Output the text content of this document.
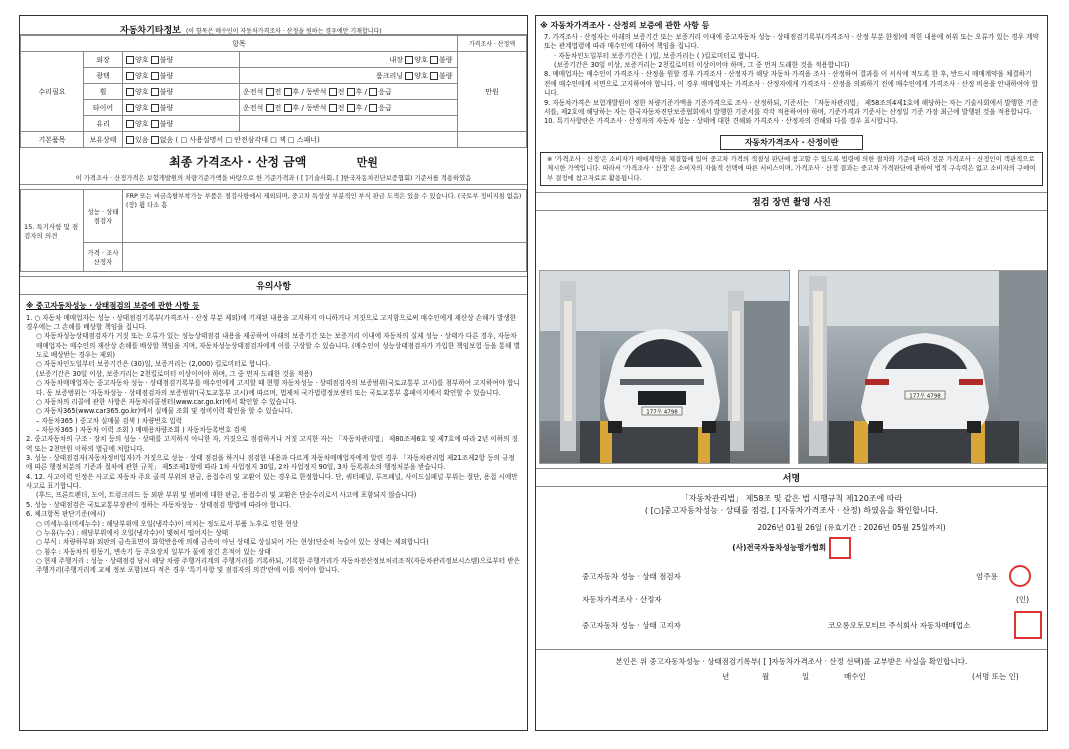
자동차기타정보 (이 항목은 매수인이 자동차가격조사 · 산정을 원하는 경우에만 기재합니다)
항목				가격조사 · 산정액
수리필요	외장	양호 불량	내장 양호 불량	만원
	광택	양호 불량	룸크리닝 양호 불량	
	휠	양호 불량	운전석 전 후 / 동반석 전 후 / 응급	
	타이어	양호 불량	운전석 전 후 / 동반석 전 후 / 응급	
	유리	양호 불량		
기본품목	보유상태	있음 없음 ( □ 사용설명서 □ 안전삼각대 □ 잭 □ 스패너)		
최종 가격조사 · 산정 금액	만원
이 가격조사 · 산정가격은 보험개발원의 차량기준가액을 바탕으로 한 기준가격과 ( [ ]기술사회, [ ]한국자동차진단보증협회) 기준서를 적용하였음
15. 특기사항 및 점검자의 의견	성능 · 상태 점검자	FRP 또는 비금속탈부착가능 부품은 점검사항에서 제외되며, 중고차 특성상 부분적인 부식 판금 도색은 있을 수 있습니다. (국토부 정비지침 없음) (장) 휠 다소 흠
	가격 · 조사 산정자	
유의사항
※ 중고자동차성능 · 상태점검의 보증에 관한 사항 등

1. ○ 자동차 매매업자는 성능 · 상태점검기록부(가격조사 · 산정 부분 제외)에 기재된 내용을 고지하지 아니하거나 거짓으로 고지함으로써 매수인에게 재산상 손해가 발생한 경우에는 그 손해를 배상할 책임을 집니다.

○ 자동차성능상태점검자가 거짓 또는 오류가 있는 성능상태점검 내용을 제공하여 아래의 보증기간 또는 보증거리 이내에 자동차의 실제 성능 · 상태가 다른 경우, 자동차매매업자는 매수인의 재산상 손해를 배상할 책임을 지며, 자동차성능상태점검자에게 이를 구상할 수 있습니다. (매수인이 성능상태점검자가 가입한 책임보험 등을 통해 별도로 배상받는 경우는 제외)

○ 자동차인도일부터 보증기간은 (30)일, 보증거리는 (2,000) 킬로미터로 합니다.

(보증기간은 30일 이상, 보증거리는 2천킬로미터 이상이어야 하며, 그 중 먼저 도래한 것을 적용)

○ 자동차매매업자는 중고자동차 성능 · 상태점검기록부를 매수인에게 고지할 때 현행 자동차성능 · 상태점검자의 보증범위(국토교통부 고시)를 첨부하여 고지하여야 합니다. 동 보증범위는 '자동차성능 · 상태점검자의 보증범위'(국토교통부 고시)에 따르며, 법제처 국가법령정보센터 또는 국토교통부 홈페이지에서 확인할 수 있습니다.

○ 자동차의 리콜에 관한 사항은 자동차리콜센터(www.car.go.kr)에서 확인할 수 있습니다.

○ 자동차365(www.car365.go.kr)에서 실매물 조회 및 정비이력 확인을 할 수 있습니다.

– 자동차365 ) 중고차 실매물 검색 ) 차량번호 입력

– 자동차365 ) 자동차 이력 조회 ) 매매용차량조회 ) 자동차등록번호 검색

2. 중고자동차의 구조 · 장치 등의 성능 · 상태를 고지하지 아니한 자, 거짓으로 점검하거나 거짓 고지한 자는 「자동차관리법」 제80조제6호 및 제7호에 따라 2년 이하의 징역 또는 2천만원 이하의 벌금에 처합니다.

3. 성능 · 상태점검자(자동차정비업자)가 거짓으로 성능 · 상태 점검을 하거나 점검한 내용과 다르게 자동차매매업자에게 알린 경우 「자동차관리법 제21조제2항 등의 규정에 따른 행정처분의 기준과 절차에 관한 규칙」 제5조제1항에 따라 1차 사업정지 30일, 2차 사업정지 90일, 3차 등록취소의 행정처분을 받습니다.

4. 12. 사고이력 인정은 사고로 자동차 주요 골격 부위의 판금, 용접수리 및 교환이 있는 경우로 한정합니다. 단, 쿼터패널, 루프패널, 사이드실패널 부위는 절단, 용접 시에만 사고로 표기합니다.

(후드, 프론트펜더, 도어, 트렁크리드 등 외판 부위 및 범퍼에 대한 판금, 용접수리 및 교환은 단순수리로서 사고에 포함되지 않습니다)

5. 성능 · 상태점검은 국토교통부장관이 정하는 자동차성능 · 상태점검 방법에 따라야 합니다.

6. 체크항목 판단기준(예시)

○ 미세누유(미세누수) : 해당부위에 오일(냉각수)이 비치는 정도로서 부품 노후로 인한 현상

○ 누유(누수) : 해당부위에서 오일(냉각수)이 맺혀서 떨어지는 상태

○ 부식 : 차량하부와 외판의 금속표면이 화학반응에 의해 금속이 아닌 상태로 상실되어 가는 현상(단순히 녹슬어 있는 상태는 제외합니다)

○ 침수 : 자동차의 원동기, 변속기 등 주요장치 일부가 물에 잠긴 흔적이 있는 상태

○ 현재 주행거리 : 성능 · 상태점검 당시 해당 차량 주행거리계의 주행거리를 기록하되, 기록한 주행거리가 자동차전산정보처리조직(자동차관리정보시스템)으로부터 받은 주행거리(주행거리계 교체 정보 포함)보다 적은 경우 '특기사항 및 점검자의 의견'란에 이를 적어야 합니다.

※ 자동차가격조사 · 산정의 보증에 관한 사항 등

7. 가격조사 · 산정자는 아래의 보증기간 또는 보증거리 이내에 중고자동차 성능 · 상태점검기록부(가격조사 · 산정 부분 한정)에 적힌 내용에 허위 또는 오류가 있는 경우 계약 또는 관계법령에 따라 매수인에 대하여 책임을 집니다.

· 자동차인도일부터 보증기간은 ( )일, 보증거리는 ( )킬로미터로 합니다.

(보증기간은 30일 이상, 보증거리는 2천킬로미터 이상이어야 하며, 그 중 먼저 도래한 것을 적용합니다)

8. 매매업자는 매수인이 가격조사 · 산정을 원할 경우 가격조사 · 산정자가 해당 자동차 가격을 조사 · 산정하여 결과를 이 서식에 적도록 한 후, 반드시 매매계약을 체결하기 전에 매수인에게 서면으로 고지하여야 합니다. 이 경우 매매업자는 가격조사 · 산정자에게 가격조사 · 산정을 의뢰하기 전에 매수인에게 가격조사 · 산정 비용을 안내하여야 합니다.

9. 자동차가격은 보험개발원이 정한 차량기준가액을 기준가격으로 조사 · 산정하되, 기준서는 「자동차관리법」 제58조의4제1호에 해당하는 자는 기술사회에서 발행한 기준서를, 제2호에 해당하는 자는 한국자동차진단보증협회에서 발행한 기준서를 각각 적용하여야 하며, 기준가격과 기준서는 산정일 기준 가장 최근에 발행된 것을 적용합니다.

10. 특기사항란은 가격조사 · 산정자의 자동차 성능 · 상태에 대한 견해와 가격조사 · 산정자의 견해와 다를 경우 표시합니다.

자동차가격조사 · 산정이란
※ '가격조사 · 산정'은 소비자가 매매계약을 체결함에 있어 중고차 가격의 적절성 판단에 참고할 수 있도록 법령에 의한 절차와 기준에 따라 전문 가격조사 · 산정인이 객관적으로 제시한 가액입니다. 따라서 '가격조사 · 산정'은 소비자의 자율적 선택에 따른 서비스이며, 가격조사 · 산정 결과는 중고차 가격판단에 관하여 법적 구속력은 없고 소비자의 구매여부 결정에 참고자료로 활용됩니다.
점검 장면 촬영 사진
177우 4798
177우 4798
서명
「자동차관리법」 제58조 및 같은 법 시행규칙 제120조에 따라
( [○]중고자동차성능 · 상태를 점검, [ ]자동차가격조사 · 산정) 하였음을 확인합니다.
2026년 01월 26일 (유효기간 : 2026년 05월 25일까지)
(사)전국자동차성능평가협회
중고자동차 성능 · 상태 점검자	엄주용
자동차가격조사 · 산정자	(인)
중고자동차 성능 · 상태 고지자	코오롱오토모티브 주식회사 자동차매매업소
본인은 위 중고자동차성능 · 상태점검기록부( [ ]자동차가격조사 · 산정 선택)를 교부받은 사실을 확인합니다.
년	월	일	매수인	(서명 또는 인)
